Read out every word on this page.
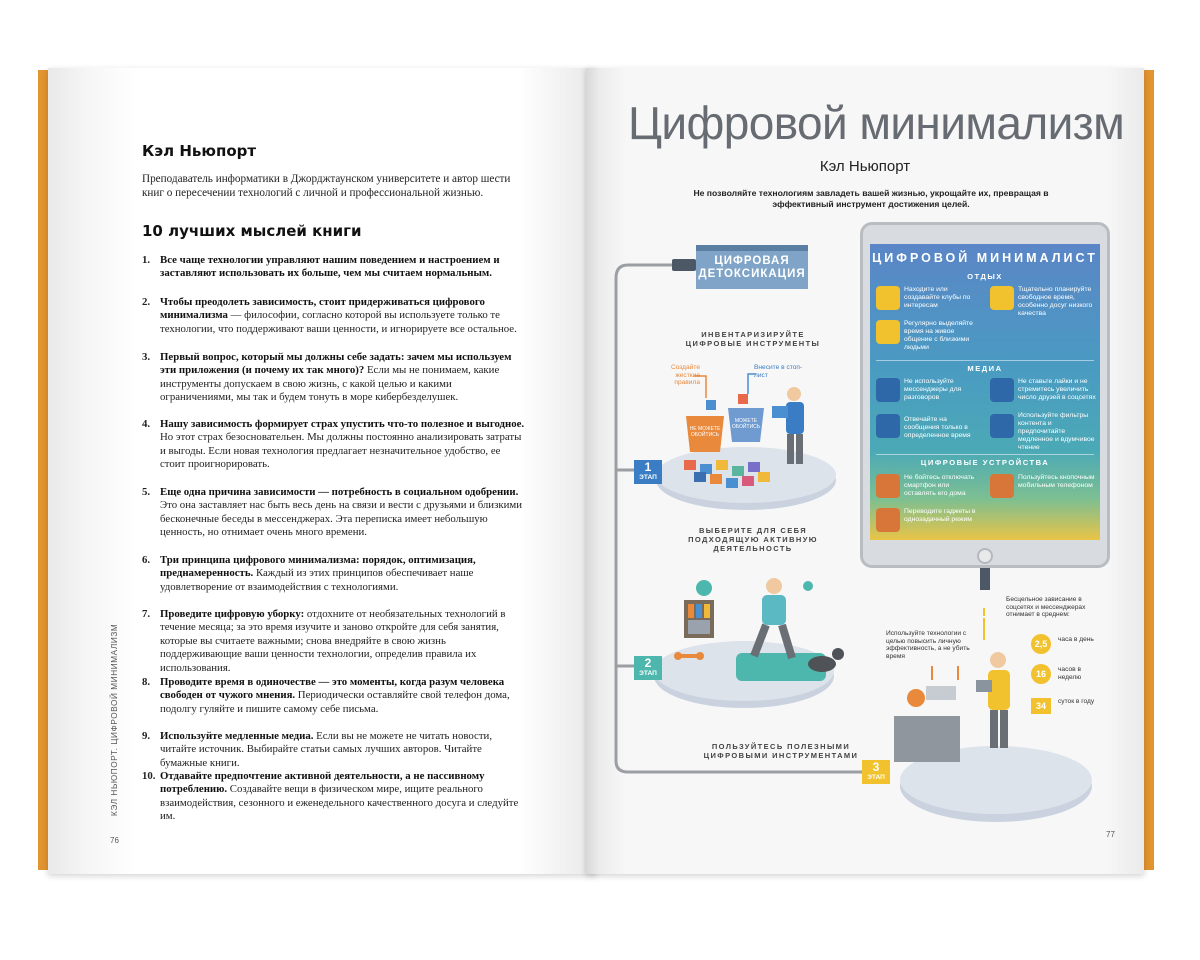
Кэл Ньюпорт
Преподаватель информатики в Джорджтаунском университете и автор шести книг о пересечении технологий с личной и профессиональной жизнью.
10 лучших мыслей книги
1. Все чаще технологии управляют нашим поведением и настроением и заставляют использовать их больше, чем мы считаем нормальным.
2. Чтобы преодолеть зависимость, стоит придерживаться цифрового минимализма — философии, согласно которой вы используете только те технологии, что поддерживают ваши ценности, и игнорируете все остальное.
3. Первый вопрос, который мы должны себе задать: зачем мы используем эти приложения (и почему их так много)? Если мы не понимаем, какие инструменты допускаем в свою жизнь, с какой целью и какими ограничениями, мы так и будем тонуть в море кибербезделушек.
4. Нашу зависимость формирует страх упустить что-то полезное и выгодное. Но этот страх безосновательен. Мы должны постоянно анализировать затраты и выгоды. Если новая технология предлагает незначительное удобство, ее стоит проигнорировать.
5. Еще одна причина зависимости — потребность в социальном одобрении. Это она заставляет нас быть весь день на связи и вести с друзьями и близкими бесконечные беседы в мессенджерах. Эта переписка имеет небольшую ценность, но отнимает очень много времени.
6. Три принципа цифрового минимализма: порядок, оптимизация, преднамеренность. Каждый из этих принципов обеспечивает наше удовлетворение от взаимодействия с технологиями.
7. Проведите цифровую уборку: отдохните от необязательных технологий в течение месяца; за это время изучите и заново откройте для себя занятия, которые вы считаете важными; снова внедряйте в свою жизнь поддерживающие ваши ценности технологии, определив правила их использования.
8. Проводите время в одиночестве — это моменты, когда разум человека свободен от чужого мнения. Периодически оставляйте свой телефон дома, подолгу гуляйте и пишите самому себе письма.
9. Используйте медленные медиа. Если вы не можете не читать новости, читайте источник. Выбирайте статьи самых лучших авторов. Читайте бумажные книги.
10. Отдавайте предпочтение активной деятельности, а не пассивному потреблению. Создавайте вещи в физическом мире, ищите реального взаимодействия, сезонного и еженедельного качественного досуга и следуйте им.
КЭЛ НЬЮПОРТ. ЦИФРОВОЙ МИНИМАЛИЗМ
76
Цифровой минимализм
Кэл Ньюпорт
Не позволяйте технологиям завладеть вашей жизнью, укрощайте их, превращая в эффективный инструмент достижения целей.
ЦИФРОВАЯ ДЕТОКСИКАЦИЯ
1
ЭТАП
2
ЭТАП
3
ЭТАП
ИНВЕНТАРИЗИРУЙТЕ ЦИФРОВЫЕ ИНСТРУМЕНТЫ
Создайте жесткие правила
Внесите в стоп-лист
НЕ МОЖЕТЕ ОБОЙТИСЬ
МОЖЕТЕ ОБОЙТИСЬ
ВЫБЕРИТЕ ДЛЯ СЕБЯ ПОДХОДЯЩУЮ АКТИВНУЮ ДЕЯТЕЛЬНОСТЬ
ПОЛЬЗУЙТЕСЬ ПОЛЕЗНЫМИ ЦИФРОВЫМИ ИНСТРУМЕНТАМИ
Используйте технологии с целью повысить личную эффективность, а не убить время
Бесцельное зависание в соцсетях и мессенджерах отнимает в среднем:
2,5	часа в день
16	часов в неделю
34	суток в году
ЦИФРОВОЙ МИНИМАЛИСТ
ОТДЫХ
Находите или создавайте клубы по интересам
Тщательно планируйте свободное время, особенно досуг низкого качества
Регулярно выделяйте время на живое общение с близкими людьми
МЕДИА
Не используйте мессенджеры для разговоров
Не ставьте лайки и не стремитесь увеличить число друзей в соцсетях
Отвечайте на сообщения только в определенное время
Используйте фильтры контента и предпочитайте медленное и вдумчивое чтение
ЦИФРОВЫЕ УСТРОЙСТВА
Не бойтесь отключать смартфон или оставлять его дома
Пользуйтесь кнопочным мобильным телефоном
Переводите гаджеты в однозадачный режим
77
